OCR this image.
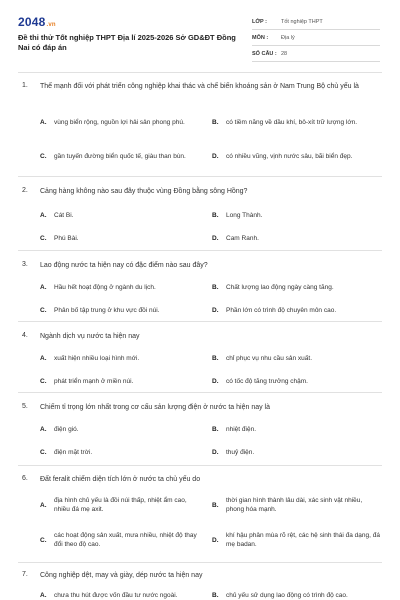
2048.vn
Đề thi thử Tốt nghiệp THPT Địa lí 2025-2026 Sở GD&ĐT Đồng Nai có đáp án
LỚP :	Tốt nghiệp THPT
MÔN :	Địa lý
SỐ CÂU : 28
1. Thế mạnh đối với phát triển công nghiệp khai thác và chế biến khoáng sản ở Nam Trung Bộ chủ yếu là
A.	vùng biển rộng, nguồn lợi hải sản phong phú.	B.	có tiềm năng về dầu khí, bô-xít trữ lượng lớn.
C.	gần tuyến đường biển quốc tế, giàu than bùn.	D.	có nhiều vũng, vịnh nước sâu, bãi biển đẹp.
2. Cảng hàng không nào sau đây thuộc vùng Đồng bằng sông Hồng?
A.	Cát Bi.	B.	Long Thành.
C.	Phú Bài.	D.	Cam Ranh.
3. Lao động nước ta hiện nay có đặc điểm nào sau đây?
A.	Hầu hết hoạt động ở ngành du lịch.	B.	Chất lượng lao động ngày càng tăng.
C.	Phân bố tập trung ở khu vực đồi núi.	D.	Phần lớn có trình độ chuyên môn cao.
4. Ngành dịch vụ nước ta hiện nay
A.	xuất hiện nhiều loại hình mới.	B.	chỉ phục vụ nhu cầu sản xuất.
C.	phát triển mạnh ở miền núi.	D.	có tốc độ tăng trưởng chậm.
5. Chiếm tỉ trọng lớn nhất trong cơ cấu sản lượng điện ở nước ta hiện nay là
A.	điện gió.	B.	nhiệt điện.
C.	điện mặt trời.	D.	thuỷ điện.
6. Đất feralit chiếm diện tích lớn ở nước ta chủ yếu do
A.
địa hình chủ yếu là đồi núi thấp, nhiệt ẩm cao, nhiều đá mẹ axit.
B.
thời gian hình thành lâu dài, xác sinh vật nhiều, phong hóa mạnh.
C.
các hoạt động sản xuất, mưa nhiều, nhiệt độ thay đổi theo độ cao.
D.
khí hậu phân mùa rõ rệt, các hệ sinh thái đa dạng, đá mẹ badan.
7. Công nghiệp dệt, may và giày, dép nước ta hiện nay
A.	chưa thu hút được vốn đầu tư nước ngoài.	B.	chủ yếu sử dụng lao động có trình độ cao.
